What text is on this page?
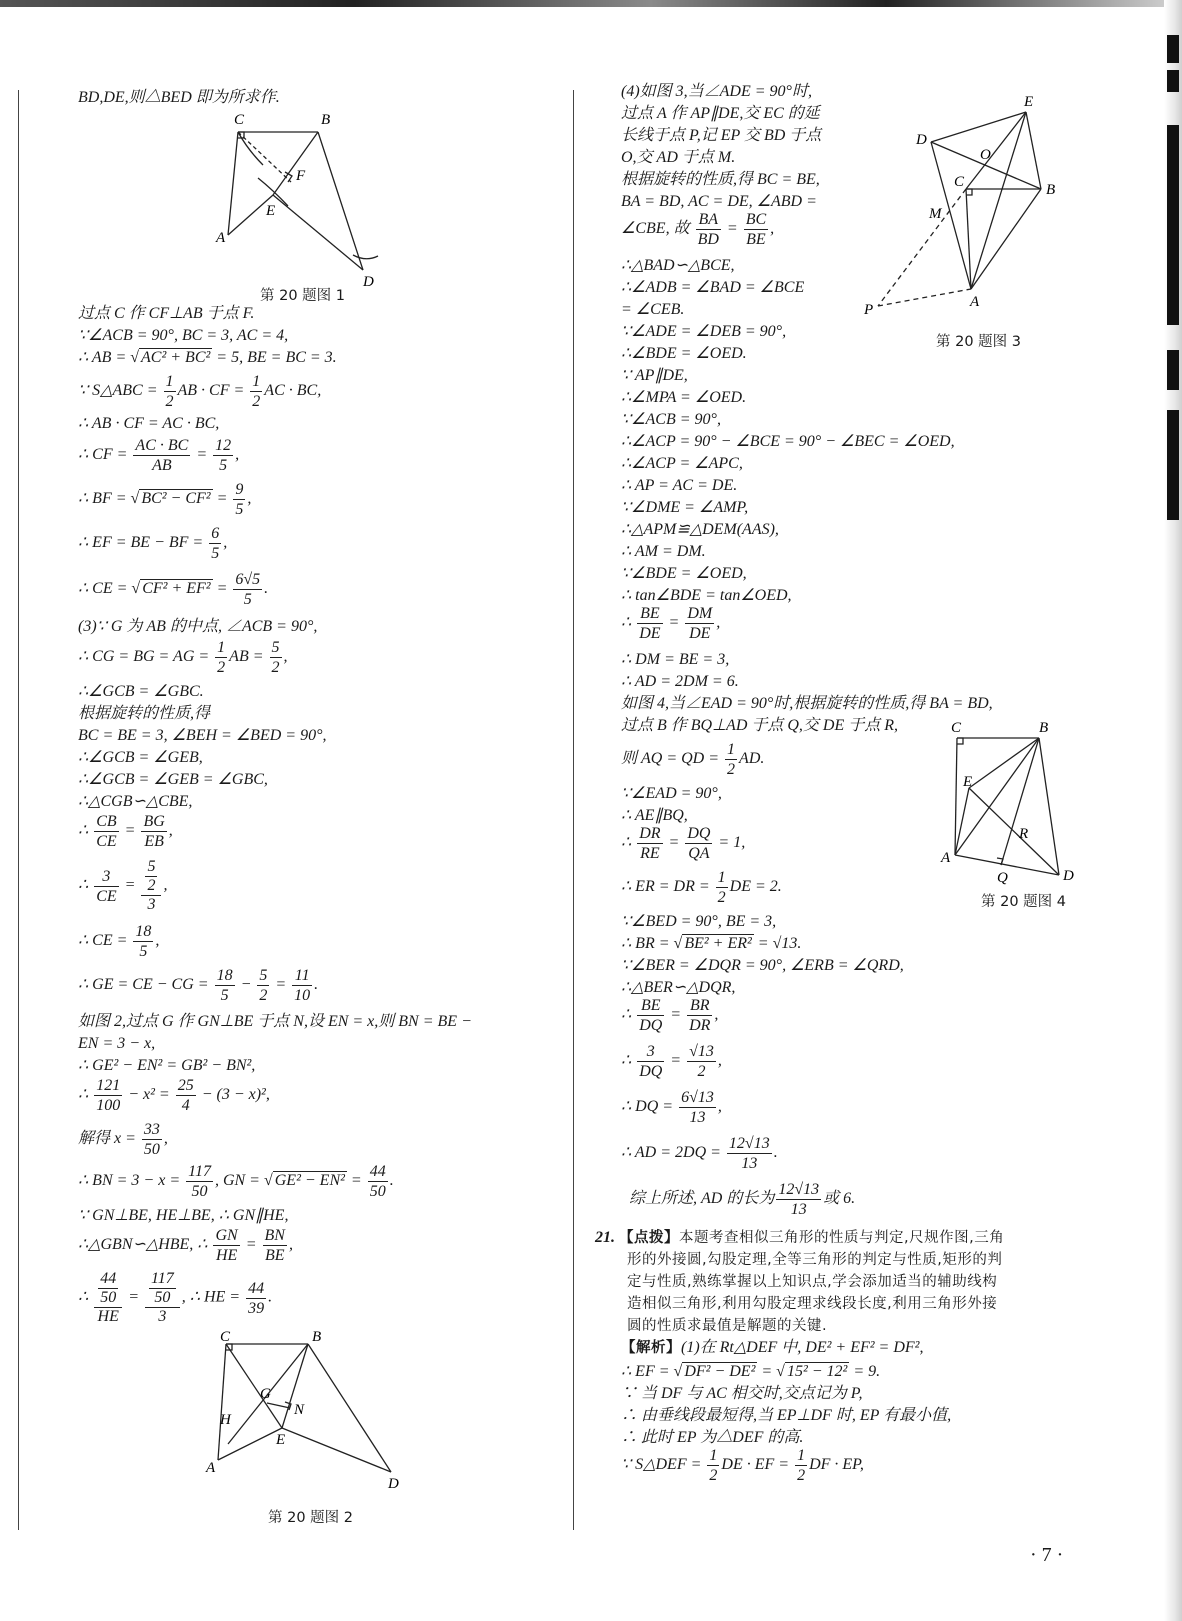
BD,DE,则△BED 即为所求作.
C	B
F
E
A
D
第 20 题图 1
过点 C 作 CF⊥AB 于点 F.
∵∠ACB = 90°, BC = 3, AC = 4,
∴ AB = √ AC² + BC² = 5, BE = BC = 3.
∵ S△ABC = $\frac{1}{2}$ AB · CF = $\frac{1}{2}$ AC · BC,
∴ AB · CF = AC · BC,
∴ CF = $\frac{AC \cdot BC}{AB} = \frac{12}{5}$ ,
∴ BF = √ $BC^2 - CF^2 = \frac{9}{5}$ ,
∴ EF = BE − BF = $\frac{6}{5}$ ,
∴ CE = √ $CF^2 + EF^2 = \frac{6√5}{5}$ .
(3)∵ G 为 AB 的中点, ∠ACB = 90°,
∴ CG = BG = AG = $\frac{1}{2}$ AB = $\frac{5}{2}$ ,
∴∠GCB = ∠GBC.
根据旋转的性质,得
BC = BE = 3, ∠BEH = ∠BED = 90°,
∴∠GCB = ∠GEB,
∴∠GCB = ∠GEB = ∠GBC,
∴△CGB∽△CBE,
∴ $\frac{CB}{CE} = \frac{BG}{EB}$ ,
∴ $\frac{3}{CE} = \frac{\frac{5}{2}}{3}$ ,
∴ CE = $\frac{18}{5}$ ,
∴ GE = CE − CG = $\frac{18}{5} - \frac{5}{2} = \frac{11}{10}$ .
如图 2,过点 G 作 GN⊥BE 于点 N,设 EN = x,则 BN = BE −
EN = 3 − x,
∴ GE² − EN² = GB² − BN²,
∴ $\frac{121}{100} - x^2 = \frac{25}{4} - (3 - x)^2$,
解得 $x = \frac{33}{50}$ ,
∴ BN = $3 - x = \frac{117}{50}$ , GN = √ $GE^2 - EN^2 = \frac{44}{50}$ .
∵ GN⊥BE, HE⊥BE, ∴ GN∥HE,
∴△GBN∽△HBE, ∴ $\frac{GN}{HE} = \frac{BN}{BE}$ ,
∴ $\frac{\frac{44}{50}}{HE} = \frac{\frac{117}{50}}{3}$ , ∴ HE = $\frac{44}{39}$ .
C	B
G
N
H
E
A
D
第 20 题图 2
(4)如图 3,当∠ADE = 90°时,
过点 A 作 AP∥DE,交 EC 的延
长线于点 P,记 EP 交 BD 于点
O,交 AD 于点 M.
根据旋转的性质,得 BC = BE,
BA = BD, AC = DE, ∠ABD =
∠CBE, 故 $\frac{BA}{BD} = \frac{BC}{BE}$ ,
∴△BAD∽△BCE,
∴∠ADB = ∠BAD = ∠BCE
= ∠CEB.
E
D
O
C	B
M
A
P
第 20 题图 3
∵∠ADE = ∠DEB = 90°,
∴∠BDE = ∠OED.
∵ AP∥DE,
∴∠MPA = ∠OED.
∵∠ACB = 90°,
∴∠ACP = 90° − ∠BCE = 90° − ∠BEC = ∠OED,
∴∠ACP = ∠APC,
∴ AP = AC = DE.
∵∠DME = ∠AMP,
∴△APM≌△DEM(AAS),
∴ AM = DM.
∵∠BDE = ∠OED,
∴ tan∠BDE = tan∠OED,
∴ $\frac{BE}{DE} = \frac{DM}{DE}$ ,
∴ DM = BE = 3,
∴ AD = 2DM = 6.
如图 4,当∠EAD = 90°时,根据旋转的性质,得 BA = BD,
过点 B 作 BQ⊥AD 于点 Q,交 DE 于点 R,
则 AQ = QD = $\frac{1}{2}$ AD.
∵∠EAD = 90°,
∴ AE∥BQ,
∴ $\frac{DR}{RE} = \frac{DQ}{QA} = 1$,
C	B
E
R
A
Q	D
第 20 题图 4
∴ ER = DR = $\frac{1}{2}$ DE = 2.
∵∠BED = 90°, BE = 3,
∴ BR = √ BE² + ER² = √13.
∵∠BER = ∠DQR = 90°, ∠ERB = ∠QRD,
∴△BER∽△DQR,
∴ $\frac{BE}{DQ} = \frac{BR}{DR}$ ,
∴ $\frac{3}{DQ} = \frac{√13}{2}$ ,
∴ DQ = $\frac{6√13}{13}$ ,
∴ AD = $2DQ = \frac{12√13}{13}$ .
综上所述, AD 的长为 $\frac{12√13}{13}$ 或 6.
21. 【点拨】本题考查相似三角形的性质与判定,尺规作图,三角
形的外接圆,勾股定理,全等三角形的判定与性质,矩形的判
定与性质,熟练掌握以上知识点,学会添加适当的辅助线构
造相似三角形,利用勾股定理求线段长度,利用三角形外接
圆的性质求最值是解题的关键.
【解析】(1)在 Rt△DEF 中, DE² + EF² = DF²,
∴ EF = √ DF² − DE² = √ 15² − 12² = 9.
∵ 当 DF 与 AC 相交时,交点记为 P,
∴ 由垂线段最短得,当 EP⊥DF 时, EP 有最小值,
∴ 此时 EP 为△DEF 的高.
∵ S△DEF = $\frac{1}{2}$ DE · EF = $\frac{1}{2}$ DF · EP,
· 7 ·
